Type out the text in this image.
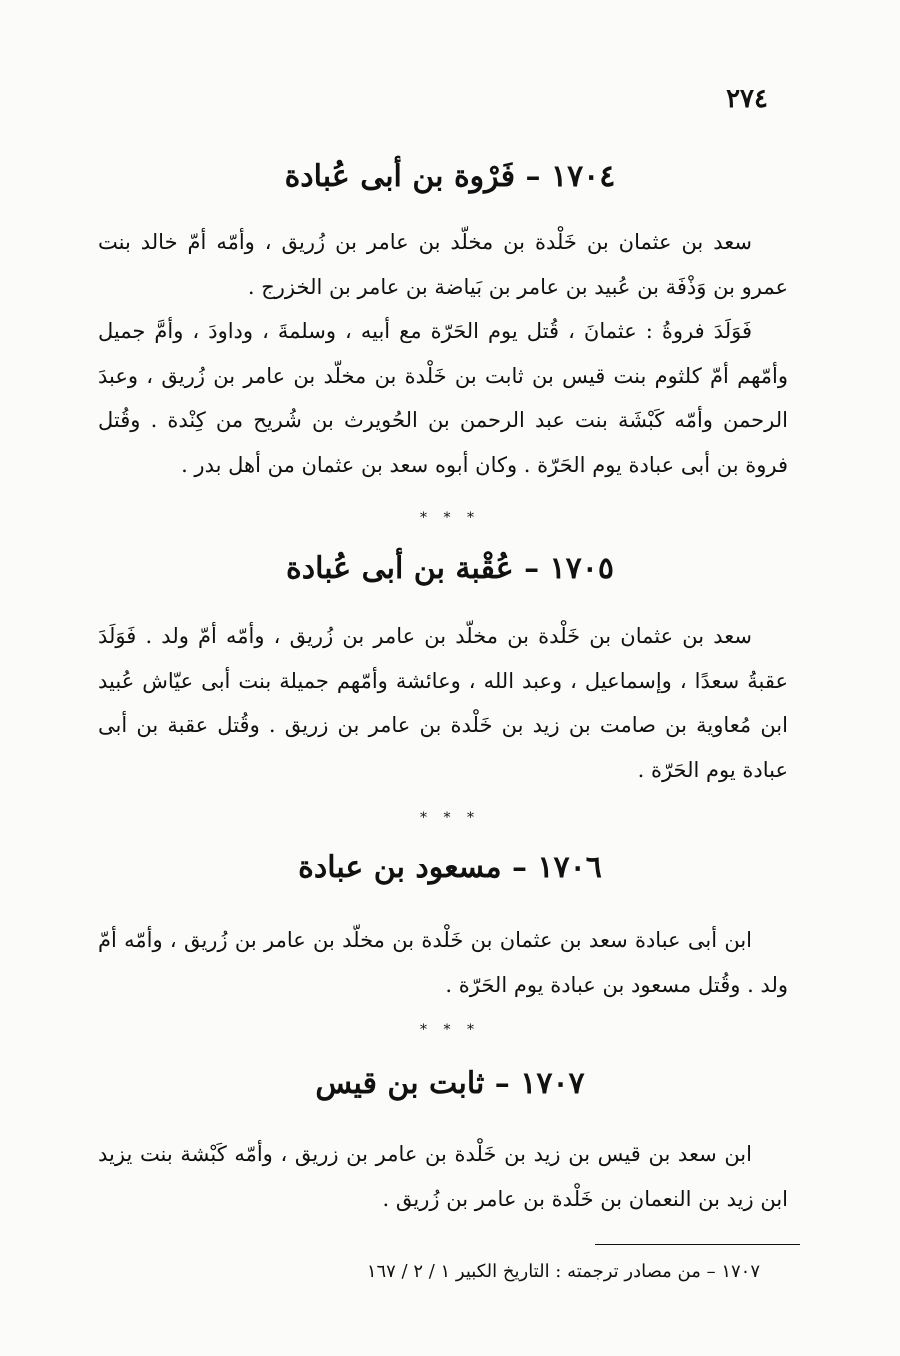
٢٧٤
١٧٠٤ – فَرْوة بن أبى عُبادة

سعد بن عثمان بن خَلْدة بن مخلّد بن عامر بن زُريق ، وأمّه أمّ خالد بنت عمرو بن وَذْفَة بن عُبيد بن عامر بن بَياضة بن عامر بن الخزرج .

فَوَلَدَ فروةُ : عثمانَ ، قُتل يوم الحَرّة مع أبيه ، وسلمةَ ، وداودَ ، وأمَّ جميل وأمّهم أمّ كلثوم بنت قيس بن ثابت بن خَلْدة بن مخلّد بن عامر بن زُريق ، وعبدَ الرحمن وأمّه كَبْشَة بنت عبد الرحمن بن الحُويرث بن شُريح من كِنْدة . وقُتل فروة بن أبى عبادة يوم الحَرّة . وكان أبوه سعد بن عثمان من أهل بدر .

* * *
١٧٠٥ – عُقْبة بن أبى عُبادة

سعد بن عثمان بن خَلْدة بن مخلّد بن عامر بن زُريق ، وأمّه أمّ ولد . فَوَلَدَ عقبةُ سعدًا ، وإسماعيل ، وعبد الله ، وعائشة وأمّهم جميلة بنت أبى عيّاش عُبيد ابن مُعاوية بن صامت بن زيد بن خَلْدة بن عامر بن زريق . وقُتل عقبة بن أبى عبادة يوم الحَرّة .

* * *
١٧٠٦ – مسعود بن عبادة

ابن أبى عبادة سعد بن عثمان بن خَلْدة بن مخلّد بن عامر بن زُريق ، وأمّه أمّ ولد . وقُتل مسعود بن عبادة يوم الحَرّة .

* * *
١٧٠٧ – ثابت بن قيس

ابن سعد بن قيس بن زيد بن خَلْدة بن عامر بن زريق ، وأمّه كَبْشة بنت يزيد ابن زيد بن النعمان بن خَلْدة بن عامر بن زُريق .

١٧٠٧ – من مصادر ترجمته : التاريخ الكبير ١ / ٢ / ١٦٧
